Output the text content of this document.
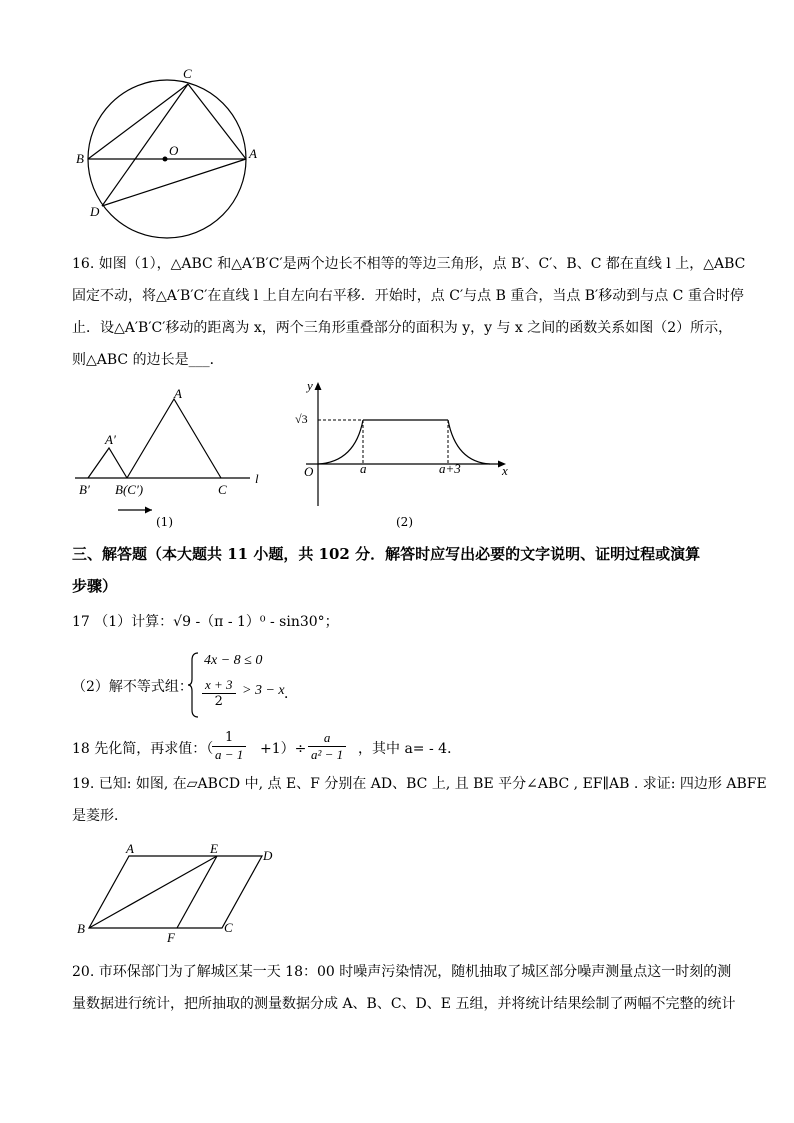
C
O
B	A
D
16. 如图（1），△ABC 和△A′B′C′是两个边长不相等的等边三角形，点 B′、C′、B、C 都在直线 l 上，△ABC
固定不动，将△A′B′C′在直线 l 上自左向右平移．开始时，点 C′与点 B 重合，当点 B′移动到与点 C 重合时停
止．设△A′B′C′移动的距离为 x，两个三角形重叠部分的面积为 y，y 与 x 之间的函数关系如图（2）所示，
则△ABC 的边长是___．
A
A′
B′ B(C′)	C
l
(1)
y
√3
O	a	a+3	x
(2)
三、解答题（本大题共 11 小题，共 102 分．解答时应写出必要的文字说明、证明过程或演算
步骤）
17 （1）计算：√9 -（π - 1）⁰ - sin30°；
（2）解不等式组：
4x − 8 ≤ 0
$\frac{x + 3}{2} > 3 - x$ ．
18 先化简，再求值：（
$\frac{1}{a - 1} +1)\div \frac{a}{\text{a² − 1}}$ ，其中 a= - 4．
19. 已知: 如图, 在▱ABCD 中, 点 E、F 分别在 AD、BC 上, 且 BE 平分∠ABC , EF∥AB . 求证: 四边形 ABFE
是菱形．
A	E	D
B
F
C
20. 市环保部门为了解城区某一天 18：00 时噪声污染情况，随机抽取了城区部分噪声测量点这一时刻的测
量数据进行统计，把所抽取的测量数据分成 A、B、C、D、E 五组，并将统计结果绘制了两幅不完整的统计
